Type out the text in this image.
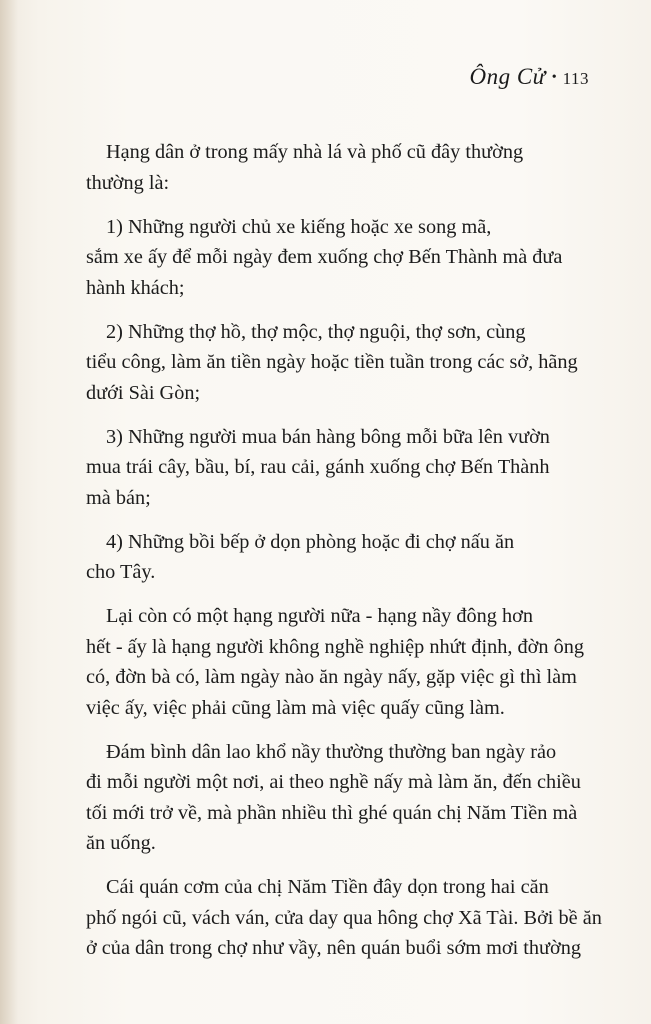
Ông Cử • 113

Hạng dân ở trong mấy nhà lá và phố cũ đây thường
thường là:

1) Những người chủ xe kiếng hoặc xe song mã,
sắm xe ấy để mỗi ngày đem xuống chợ Bến Thành mà đưa
hành khách;

2) Những thợ hồ, thợ mộc, thợ nguội, thợ sơn, cùng
tiểu công, làm ăn tiền ngày hoặc tiền tuần trong các sở, hãng
dưới Sài Gòn;

3) Những người mua bán hàng bông mỗi bữa lên vườn
mua trái cây, bầu, bí, rau cải, gánh xuống chợ Bến Thành
mà bán;

4) Những bồi bếp ở dọn phòng hoặc đi chợ nấu ăn
cho Tây.

Lại còn có một hạng người nữa - hạng nầy đông hơn
hết - ấy là hạng người không nghề nghiệp nhứt định, đờn ông
có, đờn bà có, làm ngày nào ăn ngày nấy, gặp việc gì thì làm
việc ấy, việc phải cũng làm mà việc quấy cũng làm.

Đám bình dân lao khổ nầy thường thường ban ngày rảo
đi mỗi người một nơi, ai theo nghề nấy mà làm ăn, đến chiều
tối mới trở về, mà phần nhiều thì ghé quán chị Năm Tiền mà
ăn uống.

Cái quán cơm của chị Năm Tiền đây dọn trong hai căn
phố ngói cũ, vách ván, cửa day qua hông chợ Xã Tài. Bởi bề ăn
ở của dân trong chợ như vầy, nên quán buổi sớm mơi thường
